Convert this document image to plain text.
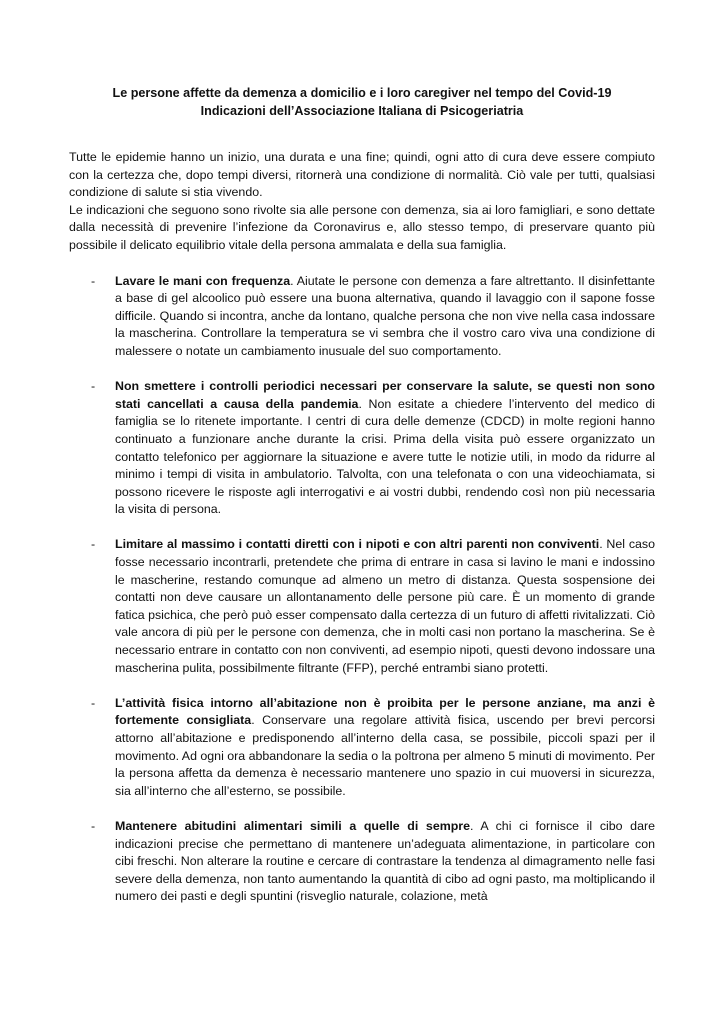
Le persone affette da demenza a domicilio e i loro caregiver nel tempo del Covid-19
Indicazioni dell’Associazione Italiana di Psicogeriatria

Tutte le epidemie hanno un inizio, una durata e una fine; quindi, ogni atto di cura deve essere compiuto con la certezza che, dopo tempi diversi, ritornerà una condizione di normalità. Ciò vale per tutti, qualsiasi condizione di salute si stia vivendo.

Le indicazioni che seguono sono rivolte sia alle persone con demenza, sia ai loro famigliari, e sono dettate dalla necessità di prevenire l’infezione da Coronavirus e, allo stesso tempo, di preservare quanto più possibile il delicato equilibrio vitale della persona ammalata e della sua famiglia.

- Lavare le mani con frequenza. Aiutate le persone con demenza a fare altrettanto. Il disinfettante a base di gel alcoolico può essere una buona alternativa, quando il lavaggio con il sapone fosse difficile. Quando si incontra, anche da lontano, qualche persona che non vive nella casa indossare la mascherina. Controllare la temperatura se vi sembra che il vostro caro viva una condizione di malessere o notate un cambiamento inusuale del suo comportamento.
- Non smettere i controlli periodici necessari per conservare la salute, se questi non sono stati cancellati a causa della pandemia. Non esitate a chiedere l’intervento del medico di famiglia se lo ritenete importante. I centri di cura delle demenze (CDCD) in molte regioni hanno continuato a funzionare anche durante la crisi. Prima della visita può essere organizzato un contatto telefonico per aggiornare la situazione e avere tutte le notizie utili, in modo da ridurre al minimo i tempi di visita in ambulatorio. Talvolta, con una telefonata o con una videochiamata, si possono ricevere le risposte agli interrogativi e ai vostri dubbi, rendendo così non più necessaria la visita di persona.
- Limitare al massimo i contatti diretti con i nipoti e con altri parenti non conviventi. Nel caso fosse necessario incontrarli, pretendete che prima di entrare in casa si lavino le mani e indossino le mascherine, restando comunque ad almeno un metro di distanza. Questa sospensione dei contatti non deve causare un allontanamento delle persone più care. È un momento di grande fatica psichica, che però può esser compensato dalla certezza di un futuro di affetti rivitalizzati. Ciò vale ancora di più per le persone con demenza, che in molti casi non portano la mascherina. Se è necessario entrare in contatto con non conviventi, ad esempio nipoti, questi devono indossare una mascherina pulita, possibilmente filtrante (FFP), perché entrambi siano protetti.
- L’attività fisica intorno all’abitazione non è proibita per le persone anziane, ma anzi è fortemente consigliata. Conservare una regolare attività fisica, uscendo per brevi percorsi attorno all’abitazione e predisponendo all’interno della casa, se possibile, piccoli spazi per il movimento. Ad ogni ora abbandonare la sedia o la poltrona per almeno 5 minuti di movimento. Per la persona affetta da demenza è necessario mantenere uno spazio in cui muoversi in sicurezza, sia all’interno che all’esterno, se possibile.
- Mantenere abitudini alimentari simili a quelle di sempre. A chi ci fornisce il cibo dare indicazioni precise che permettano di mantenere un’adeguata alimentazione, in particolare con cibi freschi. Non alterare la routine e cercare di contrastare la tendenza al dimagramento nelle fasi severe della demenza, non tanto aumentando la quantità di cibo ad ogni pasto, ma moltiplicando il numero dei pasti e degli spuntini (risveglio naturale, colazione, metà
